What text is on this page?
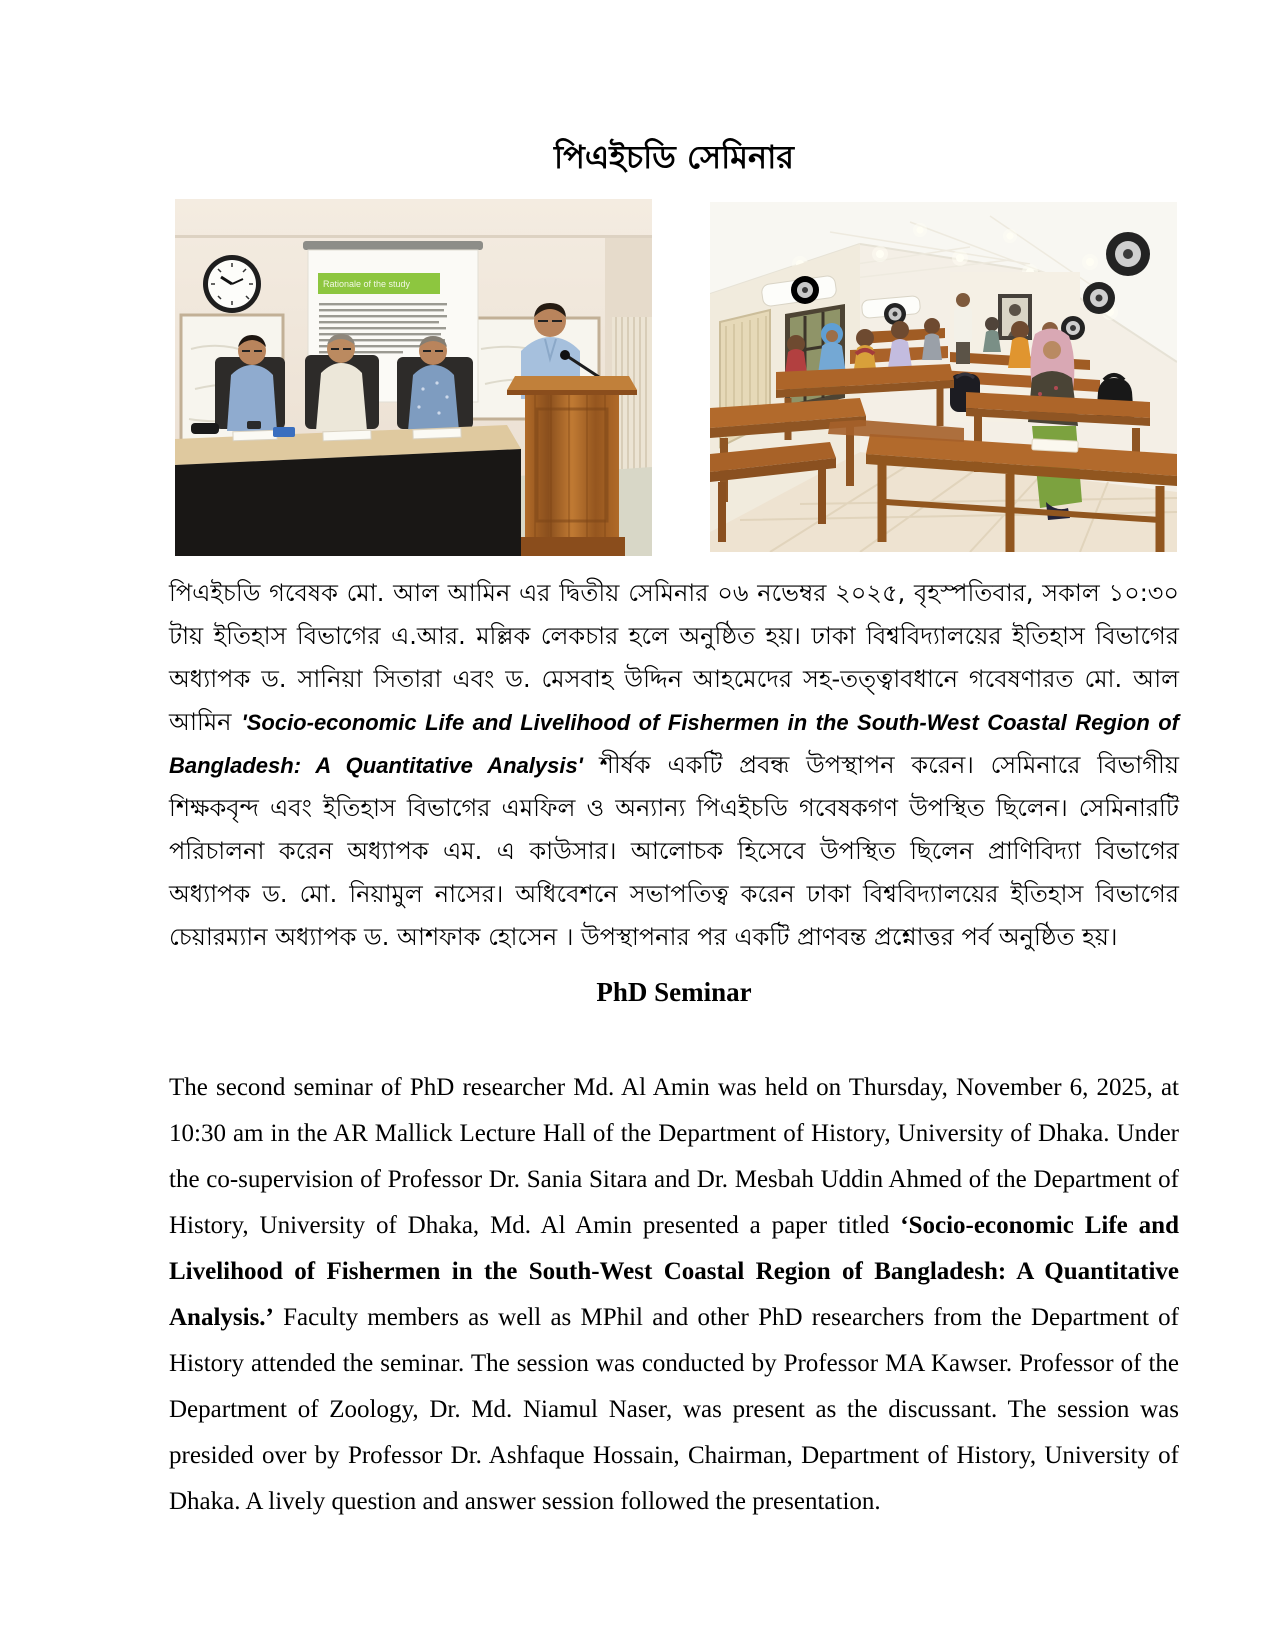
পিএইচডি সেমিনার
Rationale of the study

পিএইচডি গবেষক মো. আল আমিন এর দ্বিতীয় সেমিনার ০৬ নভেম্বর ২০২৫, বৃহস্পতিবার, সকাল ১০:৩০ টায় ইতিহাস বিভাগের এ.আর. মল্লিক লেকচার হলে অনুষ্ঠিত হয়। ঢাকা বিশ্ববিদ্যালয়ের ইতিহাস বিভাগের অধ্যাপক ড. সানিয়া সিতারা এবং ড. মেসবাহ উদ্দিন আহমেদের সহ-তত্ত্বাবধানে গবেষণারত মো. আল আমিন 'Socio-economic Life and Livelihood of Fishermen in the South-West Coastal Region of Bangladesh: A Quantitative Analysis' শীর্ষক একটি প্রবন্ধ উপস্থাপন করেন। সেমিনারে বিভাগীয় শিক্ষকবৃন্দ এবং ইতিহাস বিভাগের এমফিল ও অন্যান্য পিএইচডি গবেষকগণ উপস্থিত ছিলেন। সেমিনারটি পরিচালনা করেন অধ্যাপক এম. এ কাউসার। আলোচক হিসেবে উপস্থিত ছিলেন প্রাণিবিদ্যা বিভাগের অধ্যাপক ড. মো. নিয়ামুল নাসের। অধিবেশনে সভাপতিত্ব করেন ঢাকা বিশ্ববিদ্যালয়ের ইতিহাস বিভাগের চেয়ারম্যান অধ্যাপক ড. আশফাক হোসেন । উপস্থাপনার পর একটি প্রাণবন্ত প্রশ্নোত্তর পর্ব অনুষ্ঠিত হয়।

PhD Seminar

The second seminar of PhD researcher Md. Al Amin was held on Thursday, November 6, 2025, at 10:30 am in the AR Mallick Lecture Hall of the Department of History, University of Dhaka. Under the co-supervision of Professor Dr. Sania Sitara and Dr. Mesbah Uddin Ahmed of the Department of History, University of Dhaka, Md. Al Amin presented a paper titled ‘Socio-economic Life and Livelihood of Fishermen in the South-West Coastal Region of Bangladesh: A Quantitative Analysis.’ Faculty members as well as MPhil and other PhD researchers from the Department of History attended the seminar. The session was conducted by Professor MA Kawser. Professor of the Department of Zoology, Dr. Md. Niamul Naser, was present as the discussant. The session was presided over by Professor Dr. Ashfaque Hossain, Chairman, Department of History, University of Dhaka. A lively question and answer session followed the presentation.
